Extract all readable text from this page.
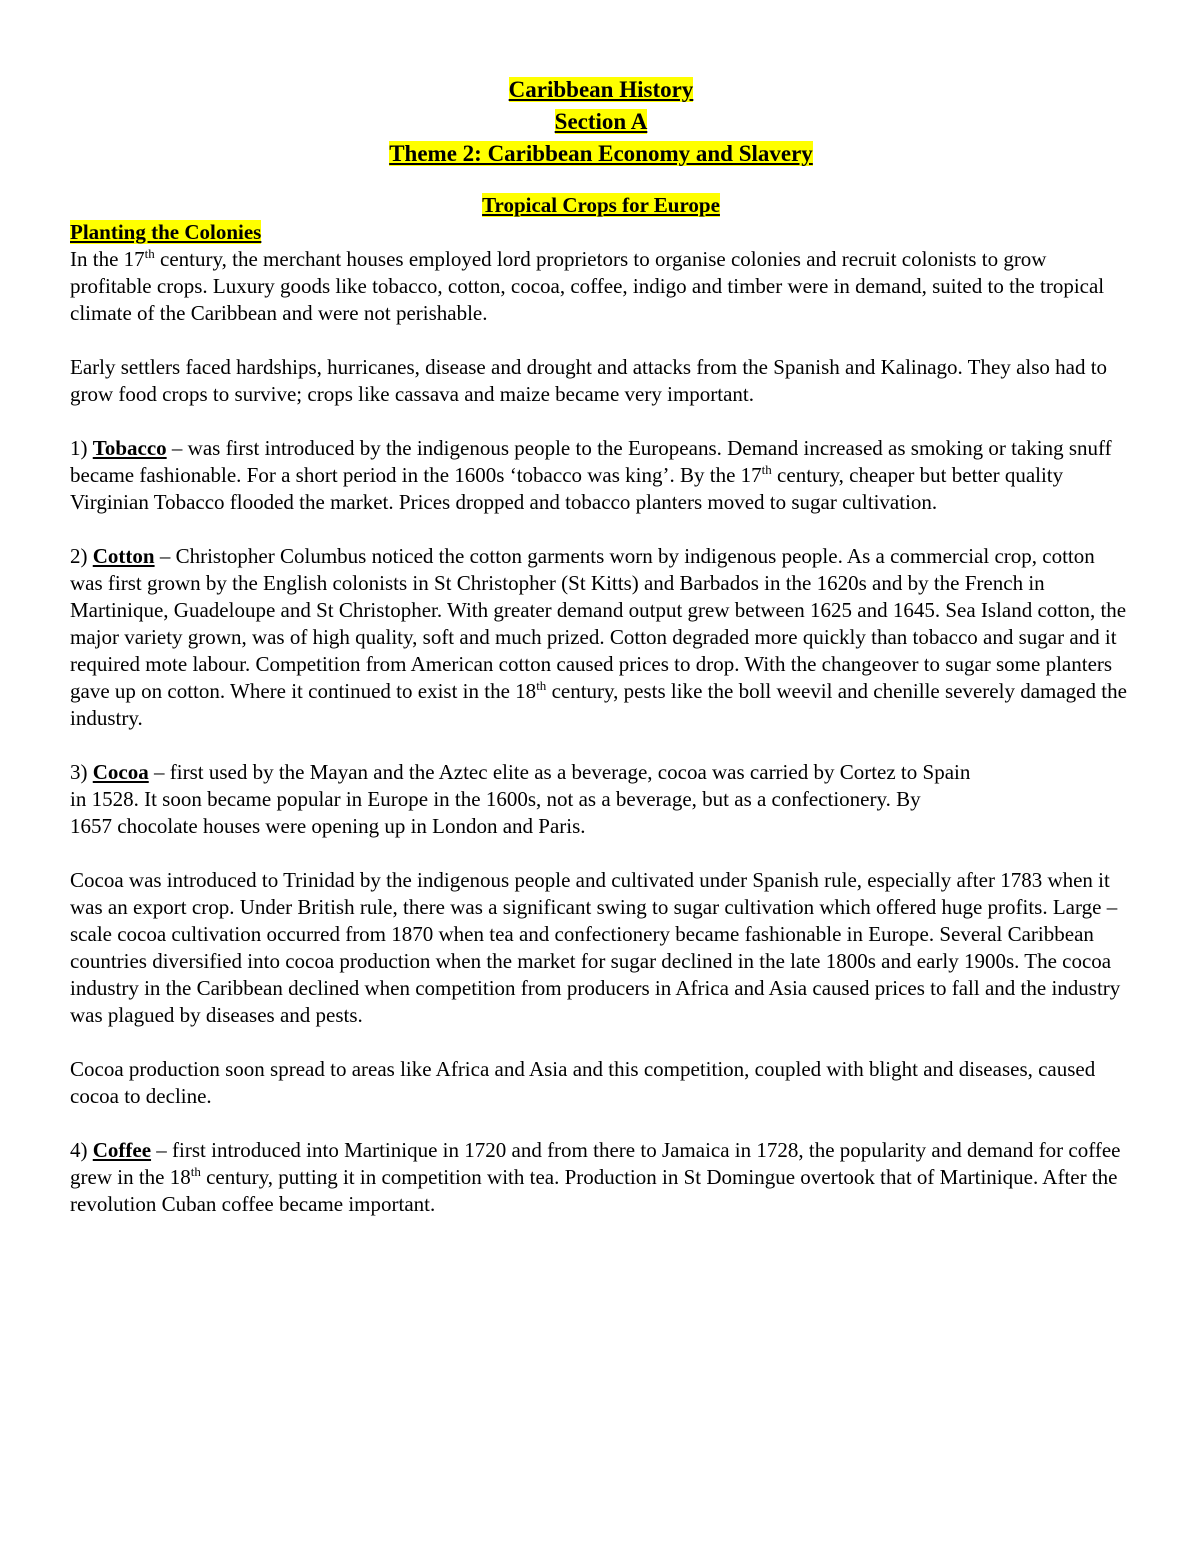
Caribbean History
Section A
Theme 2: Caribbean Economy and Slavery
Tropical Crops for Europe
Planting the Colonies

In the 17th century, the merchant houses employed lord proprietors to organise colonies and recruit colonists to grow profitable crops. Luxury goods like tobacco, cotton, cocoa, coffee, indigo and timber were in demand, suited to the tropical climate of the Caribbean and were not perishable.

Early settlers faced hardships, hurricanes, disease and drought and attacks from the Spanish and Kalinago. They also had to grow food crops to survive; crops like cassava and maize became very important.

1) Tobacco – was first introduced by the indigenous people to the Europeans. Demand increased as smoking or taking snuff became fashionable. For a short period in the 1600s ‘tobacco was king’. By the 17th century, cheaper but better quality Virginian Tobacco flooded the market. Prices dropped and tobacco planters moved to sugar cultivation.

2) Cotton – Christopher Columbus noticed the cotton garments worn by indigenous people. As a commercial crop, cotton was first grown by the English colonists in St Christopher (St Kitts) and Barbados in the 1620s and by the French in Martinique, Guadeloupe and St Christopher. With greater demand output grew between 1625 and 1645. Sea Island cotton, the major variety grown, was of high quality, soft and much prized. Cotton degraded more quickly than tobacco and sugar and it required mote labour. Competition from American cotton caused prices to drop. With the changeover to sugar some planters gave up on cotton. Where it continued to exist in the 18th century, pests like the boll weevil and chenille severely damaged the industry.

3) Cocoa – first used by the Mayan and the Aztec elite as a beverage, cocoa was carried by Cortez to Spain
in 1528. It soon became popular in Europe in the 1600s, not as a beverage, but as a confectionery. By
1657 chocolate houses were opening up in London and Paris.

Cocoa was introduced to Trinidad by the indigenous people and cultivated under Spanish rule, especially after 1783 when it was an export crop. Under British rule, there was a significant swing to sugar cultivation which offered huge profits. Large – scale cocoa cultivation occurred from 1870 when tea and confectionery became fashionable in Europe. Several Caribbean countries diversified into cocoa production when the market for sugar declined in the late 1800s and early 1900s. The cocoa industry in the Caribbean declined when competition from producers in Africa and Asia caused prices to fall and the industry was plagued by diseases and pests.

Cocoa production soon spread to areas like Africa and Asia and this competition, coupled with blight and diseases, caused cocoa to decline.

4) Coffee – first introduced into Martinique in 1720 and from there to Jamaica in 1728, the popularity and demand for coffee grew in the 18th century, putting it in competition with tea. Production in St Domingue overtook that of Martinique. After the revolution Cuban coffee became important.
